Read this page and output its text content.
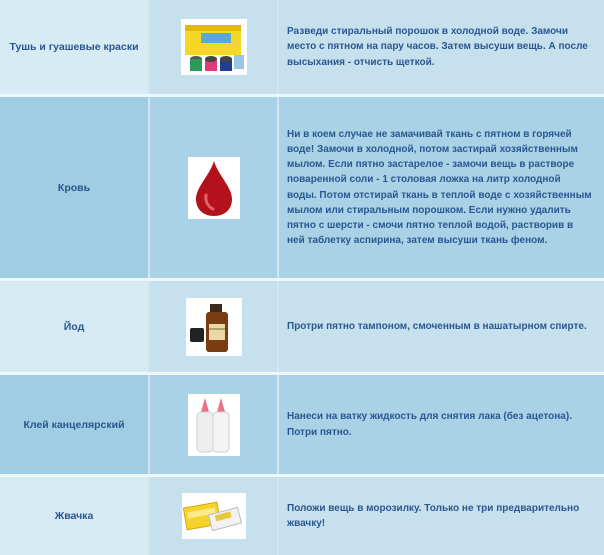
Тушь и гуашевые краски

Разведи стиральный порошок в холодной воде. Замочи место с пятном на пару часов. Затем высуши вещь. А после высыхания - отчисть щеткой.

Кровь

Ни в коем случае не замачивай ткань с пятном в горячей воде! Замочи в холодной, потом застирай хозяйственным мылом. Если пятно застарелое - замочи вещь в растворе поваренной соли - 1 столовая ложка на литр холодной воды. Потом отстирай ткань в теплой воде с хозяйственным мылом или стиральным порошком. Если нужно удалить пятно с шерсти - смочи пятно теплой водой, растворив в ней таблетку аспирина, затем высуши ткань феном.

Йод	Протри пятно тампоном, смоченным в нашатырном спирте.

Клей канцелярский

Нанеси на ватку жидкость для снятия лака (без ацетона). Потри пятно.

Жвачка

Положи вещь в морозилку. Только не три предварительно жвачку!
